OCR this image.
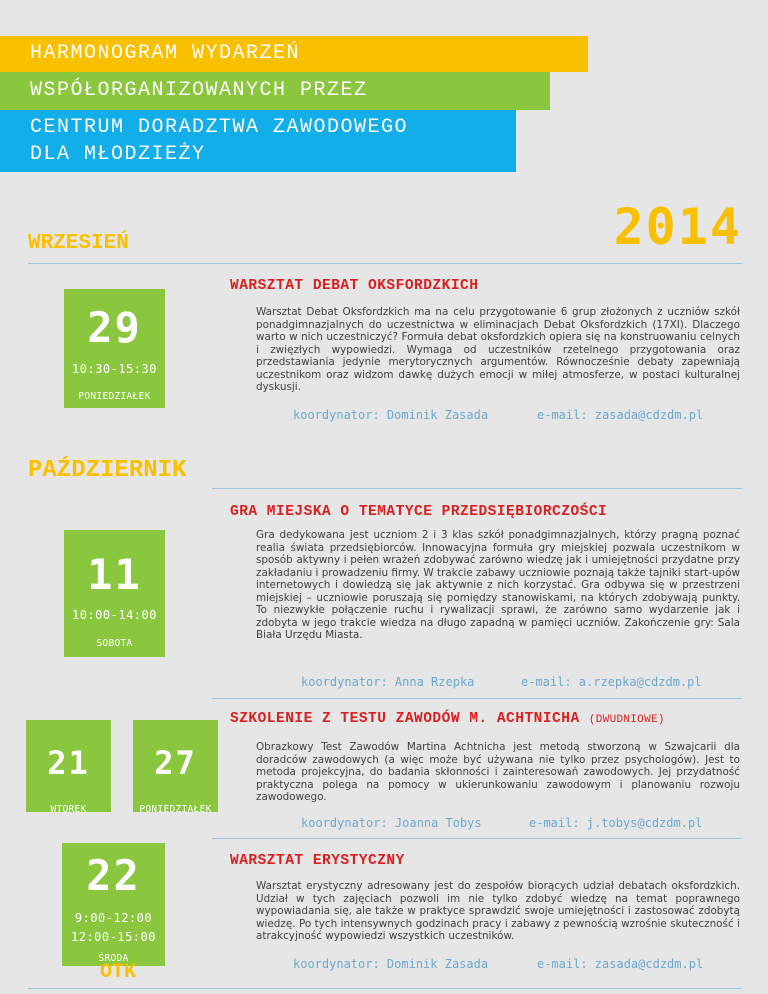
HARMONOGRAM WYDARZEŃ
WSPÓŁORGANIZOWANYCH PRZEZ
CENTRUM DORADZTWA ZAWODOWEGO
DLA MŁODZIEŻY
2014
WRZESIEŃ
WARSZTAT DEBAT OKSFORDZKICH
29
10:30-15:30
PONIEDZIAŁEK
Warsztat Debat Oksfordzkich ma na celu przygotowanie 6 grup złożonych z uczniów szkół ponadgimnazjalnych do uczestnictwa w eliminacjach Debat Oksfordzkich (17XI). Dlaczego warto w nich uczestniczyć? Formuła debat oksfordzkich opiera się na konstruowaniu celnych i zwięzłych wypowiedzi. Wymaga od uczestników rzetelnego przygotowania oraz przedstawiania jedynie merytorycznych argumentów. Równocześnie debaty zapewniają uczestnikom oraz widzom dawkę dużych emocji w miłej atmosferze, w postaci kulturalnej dyskusji.
koordynator: Dominik Zasada	e-mail: zasada@cdzdm.pl
PAŹDZIERNIK
GRA MIEJSKA O TEMATYCE PRZEDSIĘBIORCZOŚCI
11
10:00-14:00
SOBOTA
Gra dedykowana jest uczniom 2 i 3 klas szkół ponadgimnazjalnych, którzy pragną poznać realia świata przedsiębiorców. Innowacyjna formuła gry miejskiej pozwala uczestnikom w sposób aktywny i pełen wrażeń zdobywać zarówno wiedzę jak i umiejętności przydatne przy zakładaniu i prowadzeniu firmy. W trakcie zabawy uczniowie poznają także tajniki start-upów internetowych i dowiedzą się jak aktywnie z nich korzystać. Gra odbywa się w przestrzeni miejskiej – uczniowie poruszają się pomiędzy stanowiskami, na których zdobywają punkty. To niezwykłe połączenie ruchu i rywalizacji sprawi, że zarówno samo wydarzenie jak i zdobyta w jego trakcie wiedza na długo zapadną w pamięci uczniów. Zakończenie gry: Sala Biała Urzędu Miasta.
koordynator: Anna Rzepka	e-mail: a.rzepka@cdzdm.pl
SZKOLENIE Z TESTU ZAWODÓW M. ACHTNICHA (DWUDNIOWE)
21
WTOREK
27
PONIEDZIAŁEK
Obrazkowy Test Zawodów Martina Achtnicha jest metodą stworzoną w Szwajcarii dla doradców zawodowych (a więc może być używana nie tylko przez psychologów). Jest to metoda projekcyjna, do badania skłonności i zainteresowań zawodowych. Jej przydatność praktyczna polega na pomocy w ukierunkowaniu zawodowym i planowaniu rozwoju zawodowego.
koordynator: Joanna Tobys	e-mail: j.tobys@cdzdm.pl
22
9:00-12:00
12:00-15:00
ŚRODA
WARSZTAT ERYSTYCZNY
Warsztat erystyczny adresowany jest do zespołów biorących udział debatach oksfordzkich. Udział w tych zajęciach pozwoli im nie tylko zdobyć wiedzę na temat poprawnego wypowiadania się, ale także w praktyce sprawdzić swoje umiejętności i zastosować zdobytą wiedzę. Po tych intensywnych godzinach pracy i zabawy z pewnością wzrośnie skuteczność i atrakcyjność wypowiedzi wszystkich uczestników.
koordynator: Dominik Zasada	e-mail: zasada@cdzdm.pl
OTK
